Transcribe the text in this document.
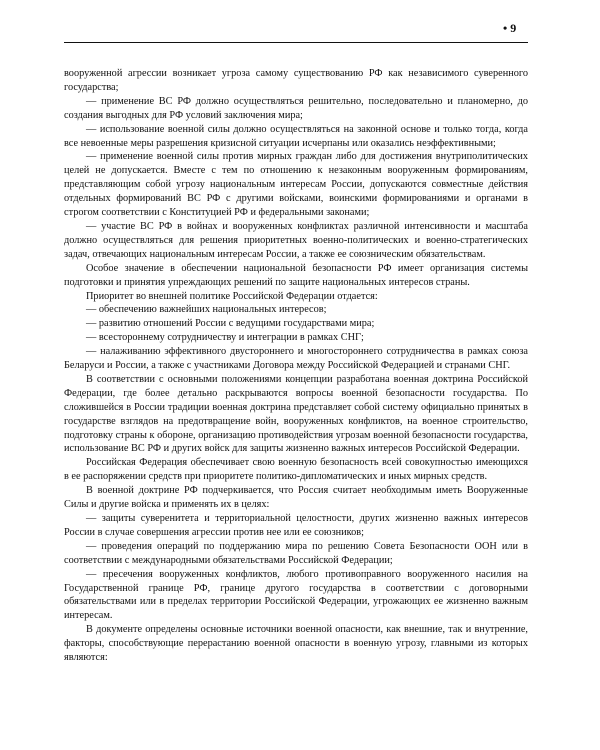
• 9

вооруженной агрессии возникает угроза самому существованию РФ как независимого суверенного государства;

— применение ВС РФ должно осуществляться решительно, последовательно и планомерно, до создания выгодных для РФ условий заключения мира;

— использование военной силы должно осуществляться на законной основе и только тогда, когда все невоенные меры разрешения кризисной ситуации исчерпаны или оказались неэффективными;

— применение военной силы против мирных граждан либо для достижения внутриполитических целей не допускается. Вместе с тем по отношению к незаконным вооруженным формированиям, представляющим собой угрозу национальным интересам России, допускаются совместные действия отдельных формирований ВС РФ с другими войсками, воинскими формированиями и органами в строгом соответствии с Конституцией РФ и федеральными законами;

— участие ВС РФ в войнах и вооруженных конфликтах различной интенсивности и масштаба должно осуществляться для решения приоритетных военно-политических и военно-стратегических задач, отвечающих национальным интересам России, а также ее союзническим обязательствам.

Особое значение в обеспечении национальной безопасности РФ имеет организация системы подготовки и принятия упреждающих решений по защите национальных интересов страны.

Приоритет во внешней политике Российской Федерации отдается:

— обеспечению важнейших национальных интересов;

— развитию отношений России с ведущими государствами мира;

— всестороннему сотрудничеству и интеграции в рамках СНГ;

— налаживанию эффективного двустороннего и многостороннего сотрудничества в рамках союза Беларуси и России, а также с участниками Договора между Российской Федерацией и странами СНГ.

В соответствии с основными положениями концепции разработана военная доктрина Российской Федерации, где более детально раскрываются вопросы военной безопасности государства. По сложившейся в России традиции военная доктрина представляет собой систему официально принятых в государстве взглядов на предотвращение войн, вооруженных конфликтов, на военное строительство, подготовку страны к обороне, организацию противодействия угрозам военной безопасности государства, использование ВС РФ и других войск для защиты жизненно важных интересов Российской Федерации.

Российская Федерация обеспечивает свою военную безопасность всей совокупностью имеющихся в ее распоряжении средств при приоритете политико-дипломатических и иных мирных средств.

В военной доктрине РФ подчеркивается, что Россия считает необходимым иметь Вооруженные Силы и другие войска и применять их в целях:

— защиты суверенитета и территориальной целостности, других жизненно важных интересов России в случае совершения агрессии против нее или ее союзников;

— проведения операций по поддержанию мира по решению Совета Безопасности ООН или в соответствии с международными обязательствами Российской Федерации;

— пресечения вооруженных конфликтов, любого противоправного вооруженного насилия на Государственной границе РФ, границе другого государства в соответствии с договорными обязательствами или в пределах территории Российской Федерации, угрожающих ее жизненно важным интересам.

В документе определены основные источники военной опасности, как внешние, так и внутренние, факторы, способствующие перерастанию военной опасности в военную угрозу, главными из которых являются:
